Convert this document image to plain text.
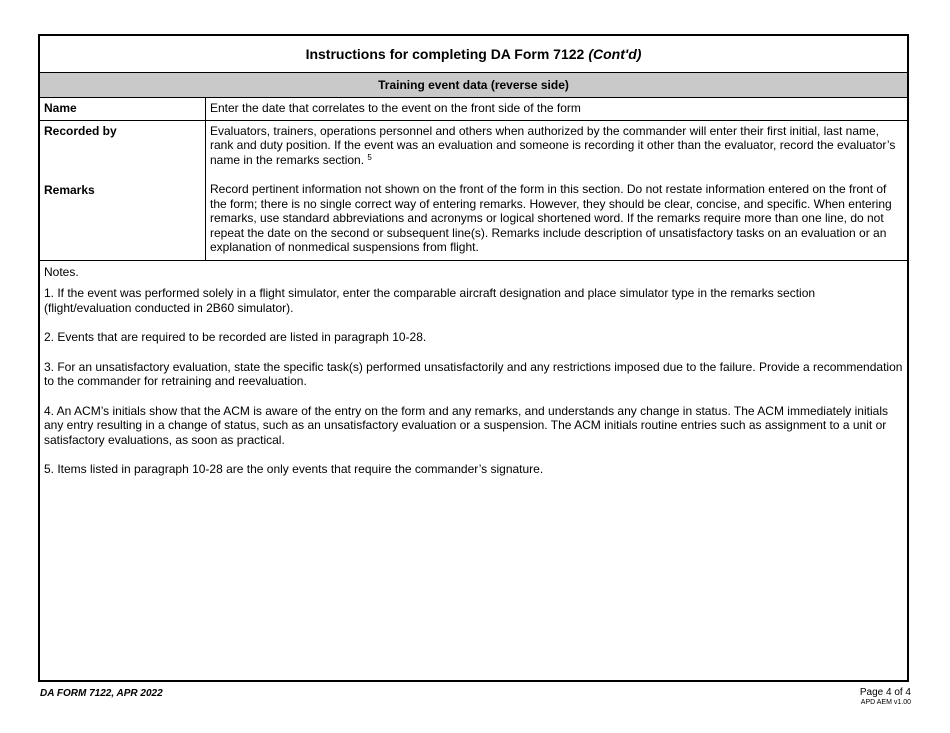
Instructions for completing DA Form 7122 (Cont'd)
Training event data (reverse side)
Name	Enter the date that correlates to the event on the front side of the form
Recorded by
Remarks

Evaluators, trainers, operations personnel and others when authorized by the commander will enter their first initial, last name, rank and duty position. If the event was an evaluation and someone is recording it other than the evaluator, record the evaluator’s name in the remarks section. $^5$

Record pertinent information not shown on the front of the form in this section. Do not restate information entered on the front of the form; there is no single correct way of entering remarks. However, they should be clear, concise, and specific. When entering remarks, use standard abbreviations and acronyms or logical shortened word. If the remarks require more than one line, do not repeat the date on the second or subsequent line(s). Remarks include description of unsatisfactory tasks on an evaluation or an explanation of nonmedical suspensions from flight.

Notes.

1. If the event was performed solely in a flight simulator, enter the comparable aircraft designation and place simulator type in the remarks section (flight/evaluation conducted in 2B60 simulator).

2. Events that are required to be recorded are listed in paragraph 10-28.

3. For an unsatisfactory evaluation, state the specific task(s) performed unsatisfactorily and any restrictions imposed due to the failure. Provide a recommendation to the commander for retraining and reevaluation.

4. An ACM’s initials show that the ACM is aware of the entry on the form and any remarks, and understands any change in status. The ACM immediately initials any entry resulting in a change of status, such as an unsatisfactory evaluation or a suspension. The ACM initials routine entries such as assignment to a unit or satisfactory evaluations, as soon as practical.

5. Items listed in paragraph 10-28 are the only events that require the commander’s signature.

DA FORM 7122, APR 2022	Page 4 of 4
APD AEM v1.00
